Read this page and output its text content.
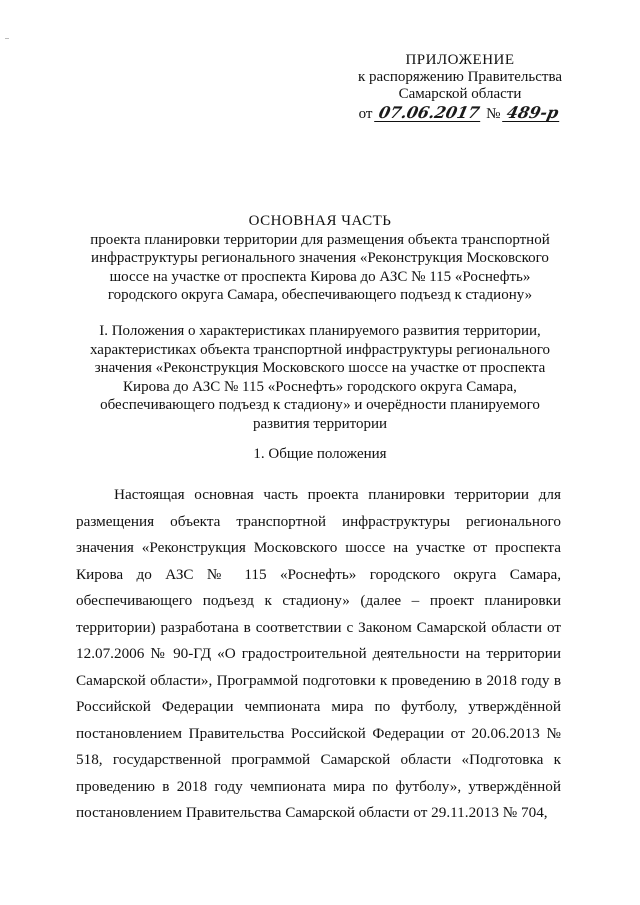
ПРИЛОЖЕНИЕ
к распоряжению Правительства
Самарской области
от 07.06.2017 № 489-р
ОСНОВНАЯ ЧАСТЬ
проекта планировки территории для размещения объекта транспортной
инфраструктуры регионального значения «Реконструкция Московского
шоссе на участке от проспекта Кирова до АЗС № 115 «Роснефть»
городского округа Самара, обеспечивающего подъезд к стадиону»
I. Положения о характеристиках планируемого развития территории,
характеристиках объекта транспортной инфраструктуры регионального
значения «Реконструкция Московского шоссе на участке от проспекта
Кирова до АЗС № 115 «Роснефть» городского округа Самара,
обеспечивающего подъезд к стадиону» и очерёдности планируемого
развития территории
1. Общие положения
Настоящая основная часть проекта планировки территории для размещения объекта транспортной инфраструктуры регионального значения «Реконструкция Московского шоссе на участке от проспекта Кирова до АЗС № 115 «Роснефть» городского округа Самара, обеспечивающего подъезд к стадиону» (далее – проект планировки территории) разработана в соответствии с Законом Самарской области от 12.07.2006 № 90-ГД «О градостроительной деятельности на территории Самарской области», Программой подготовки к проведению в 2018 году в Российской Федерации чемпионата мира по футболу, утверждённой постановлением Правительства Российской Федерации от 20.06.2013 № 518, государственной программой Самарской области «Подготовка к проведению в 2018 году чемпионата мира по футболу», утверждённой постановлением Правительства Самарской области от 29.11.2013 № 704,
